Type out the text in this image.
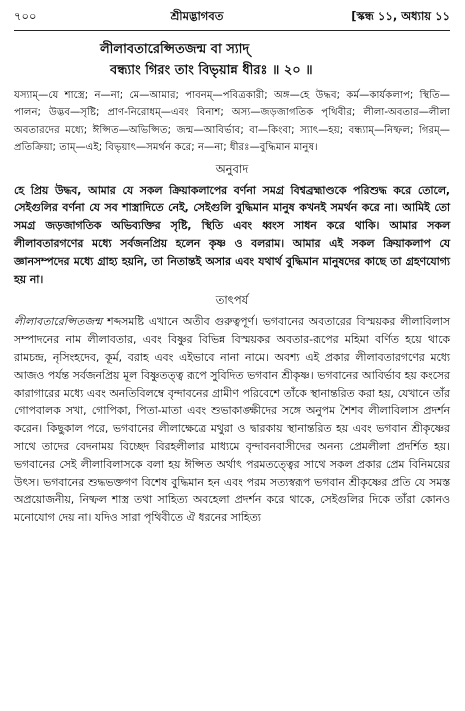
৭০০	শ্রীমদ্ভাগবত	[স্কন্ধ ১১, অধ্যায় ১১
লীলাবতারেপ্সিতজন্ম বা স্যাদ্
বন্ধ্যাং গিরং তাং বিভৃয়ান্ন ধীরঃ ॥ ২০ ॥
যস্যাম্—যে শাস্ত্রে; ন—না; মে—আমার; পাবনম্—পবিত্রকারী; অঙ্গ—হে উদ্ধব; কর্ম—কার্যকলাপ; স্থিতি—পালন; উদ্ভব—সৃষ্টি; প্রাণ-নিরোধম্—এবং বিনাশ; অস্য—জড়জাগতিক পৃথিবীর; লীলা-অবতার—লীলা অবতারদের মধ্যে; ঈপ্সিত—অভিপ্সিত; জন্ম—আবির্ভাব; বা—কিংবা; স্যাৎ—হয়; বন্ধ্যাম্—নিষ্ফল; গিরম্—প্রতিক্রিয়া; তাম্—এই; বিভৃয়াৎ—সমর্থন করে; ন—না; ধীরঃ—বুদ্ধিমান মানুষ।
অনুবাদ
হে প্রিয় উদ্ধব, আমার যে সকল ক্রিয়াকলাপের বর্ণনা সমগ্র বিশ্বব্রহ্মাণ্ডকে পরিশুদ্ধ করে তোলে, সেইগুলির বর্ণনা যে সব শাস্ত্রাদিতে নেই, সেইগুলি বুদ্ধিমান মানুষ কখনই সমর্থন করে না। আমিই তো সমগ্র জড়জাগতিক অভিব্যক্তির সৃষ্টি, স্থিতি এবং ধ্বংস সাধন করে থাকি। আমার সকল লীলাবতারগণের মধ্যে সর্বজনপ্রিয় হলেন কৃষ্ণ ও বলরাম। আমার এই সকল ক্রিয়াকলাপ যে জ্ঞানসম্পদের মধ্যে গ্রাহ্য হয়নি, তা নিতান্তই অসার এবং যথার্থ বুদ্ধিমান মানুষদের কাছে তা গ্রহণযোগ্য হয় না।
তাৎপর্য
লীলাবতারেপ্সিতজন্ম শব্দসমষ্টি এখানে অতীব গুরুত্বপূর্ণ। ভগবানের অবতারের বিস্ময়কর লীলাবিলাস সম্পাদনের নাম লীলাবতার, এবং বিষ্ণুর বিভিন্ন বিস্ময়কর অবতার-রূপের মহিমা বর্ণিত হয়ে থাকে রামচন্দ্র, নৃসিংহদেব, কূর্ম, বরাহ এবং এইভাবে নানা নামে। অবশ্য এই প্রকার লীলাবতারগণের মধ্যে আজও পর্যন্ত সর্বজনপ্রিয় মূল বিষ্ণুতত্ত্ব রূপে সুবিদিত ভগবান শ্রীকৃষ্ণ। ভগবানের আবির্ভাব হয় কংসের কারাগারের মধ্যে এবং অনতিবিলম্বে বৃন্দাবনের গ্রামীণ পরিবেশে তাঁকে স্থানান্তরিত করা হয়, যেখানে তাঁর গোপবালক সখা, গোপিকা, পিতা-মাতা এবং শুভাকাঙ্ক্ষীদের সঙ্গে অনুপম শৈশব লীলাবিলাস প্রদর্শন করেন। কিছুকাল পরে, ভগবানের লীলাক্ষেত্রে মথুরা ও দ্বারকায় স্থানান্তরিত হয় এবং ভগবান শ্রীকৃষ্ণের সাথে তাদের বেদনাময় বিচ্ছেদ বিরহলীলার মাধ্যমে বৃন্দাবনবাসীদের অনন্য প্রেমলীলা প্রদর্শিত হয়। ভগবানের সেই লীলাবিলাসকে বলা হয় ঈপ্সিত অর্থাৎ পরমতত্ত্বের সাথে সকল প্রকার প্রেম বিনিময়ের উৎস। ভগবানের শুদ্ধভক্তগণ বিশেষ বুদ্ধিমান হন এবং পরম সত্যস্বরূপ ভগবান শ্রীকৃষ্ণের প্রতি যে সমস্ত অপ্রয়োজনীয়, নিষ্ফল শাস্ত্র তথা সাহিত্য অবহেলা প্রদর্শন করে থাকে, সেইগুলির দিকে তাঁরা কোনও মনোযোগ দেয় না। যদিও সারা পৃথিবীতে ঐ ধরনের সাহিত্য
